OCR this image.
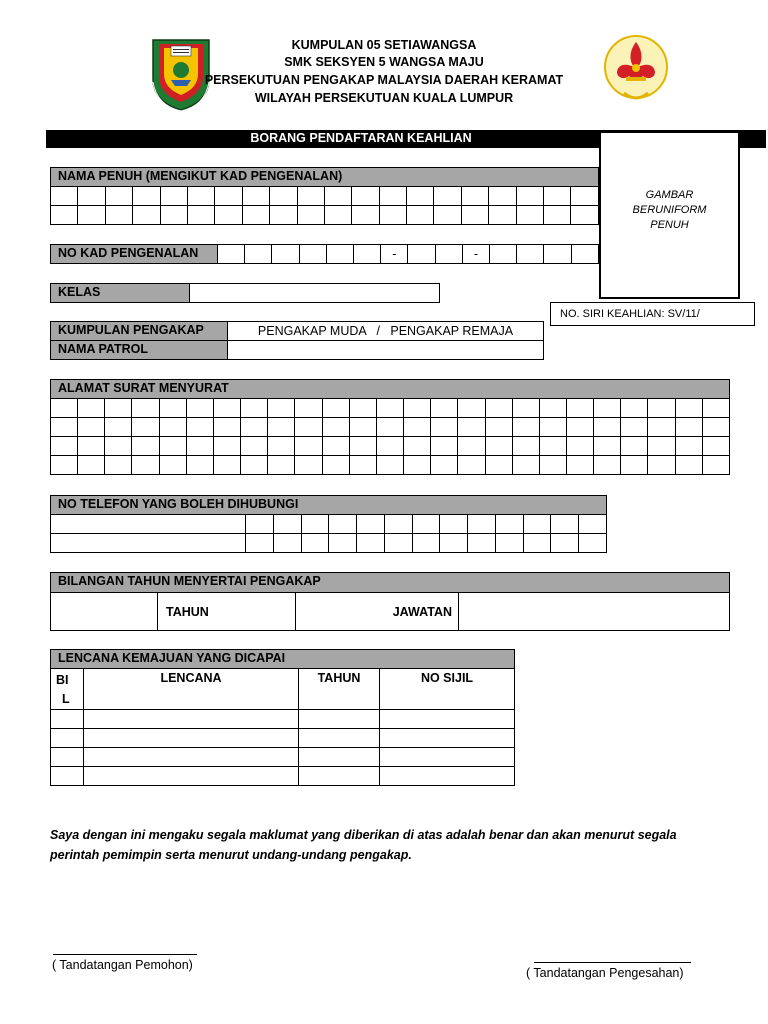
KUMPULAN 05 SETIAWANGSA
SMK SEKSYEN 5 WANGSA MAJU
PERSEKUTUAN PENGAKAP MALAYSIA DAERAH KERAMAT
WILAYAH PERSEKUTUAN KUALA LUMPUR
BORANG PENDAFTARAN KEAHLIAN
GAMBAR
BERUNIFORM
PENUH
NAMA PENUH (MENGIKUT KAD PENGENALAN)

NO KAD PENGENALAN
							-			-				
KELAS
NO. SIRI KEAHLIAN: SV/11/
KUMPULAN PENGAKAP	PENGAKAP MUDA   /   PENGAKAP REMAJA
NAMA PATROL
ALAMAT SURAT MENYURAT

NO TELEFON YANG BOLEH DIHUBUNGI

BILANGAN TAHUN MENYERTAI PENGAKAP
	TAHUN	JAWATAN	
LENCANA KEMAJUAN YANG DICAPAI
BI
L	LENCANA	TAHUN	NO SIJIL

Saya dengan ini mengaku segala maklumat yang diberikan di atas adalah benar dan akan menurut segala
perintah pemimpin serta menurut undang-undang pengakap.
( Tandatangan Pemohon)
( Tandatangan Pengesahan)
